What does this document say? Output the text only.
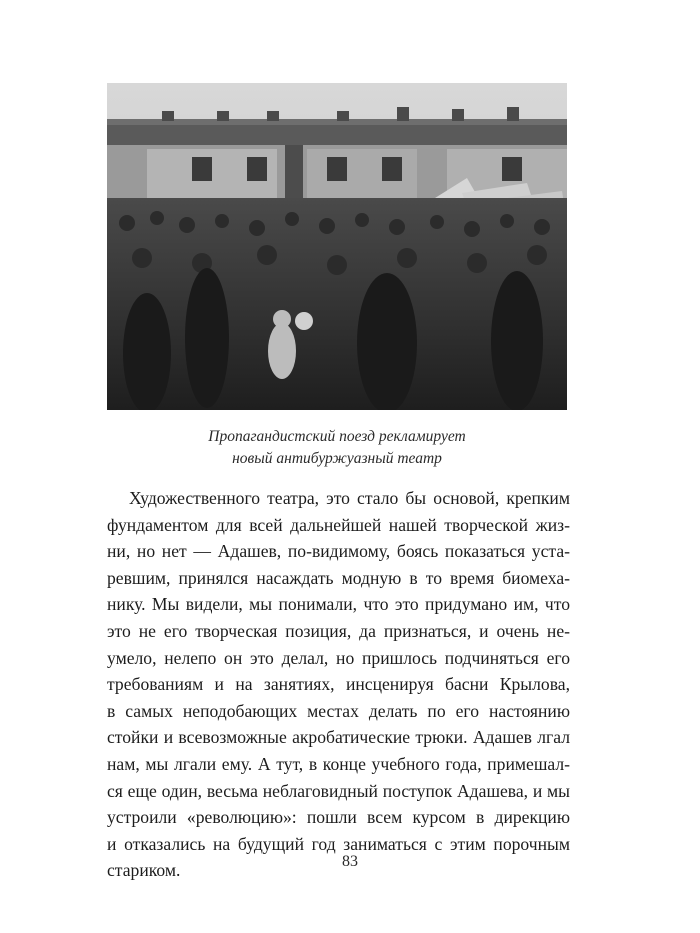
Пропагандистский поезд рекламирует
новый антибуржуазный театр
Художественного театра, это стало бы основой, крепким
фундаментом для всей дальнейшей нашей творческой жиз-
ни, но нет — Адашев, по-видимому, боясь показаться уста-
ревшим, принялся насаждать модную в то время биомеха-
нику. Мы видели, мы понимали, что это придумано им, что
это не его творческая позиция, да признаться, и очень не-
умело, нелепо он это делал, но пришлось подчиняться его
требованиям и на занятиях, инсценируя басни Крылова,
в самых неподобающих местах делать по его настоянию
стойки и всевозможные акробатические трюки. Адашев лгал
нам, мы лгали ему. А тут, в конце учебного года, примешал-
ся еще один, весьма неблаговидный поступок Адашева, и мы
устроили «революцию»: пошли всем курсом в дирекцию
и отказались на будущий год заниматься с этим порочным
стариком.	83
